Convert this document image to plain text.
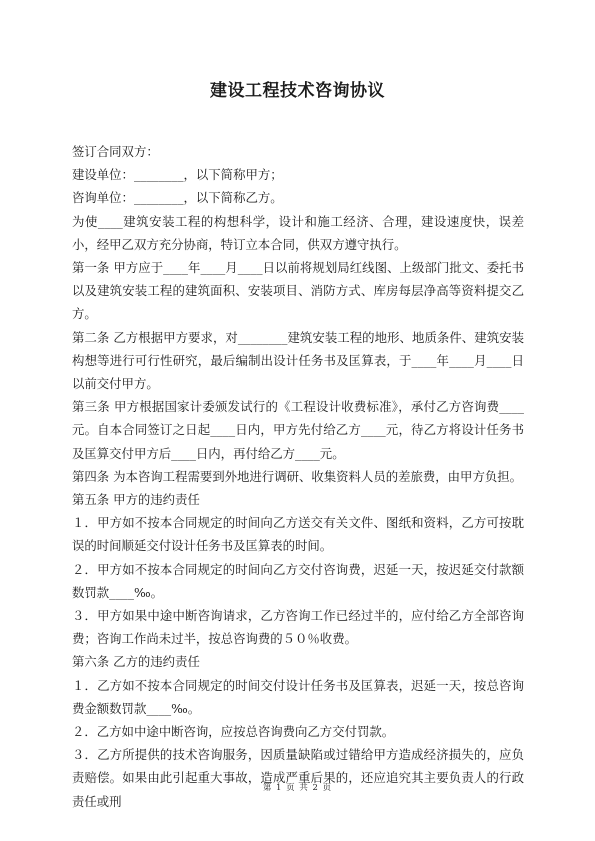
建设工程技术咨询协议

签订合同双方：

建设单位：________，以下简称甲方；

咨询单位：________，以下简称乙方。

为使____建筑安装工程的构想科学，设计和施工经济、合理，建设速度快，误差小，经甲乙双方充分协商，特订立本合同，供双方遵守执行。

第一条 甲方应于____年____月____日以前将规划局红线图、上级部门批文、委托书以及建筑安装工程的建筑面积、安装项目、消防方式、库房每层净高等资料提交乙方。

第二条 乙方根据甲方要求，对________建筑安装工程的地形、地质条件、建筑安装构想等进行可行性研究，最后编制出设计任务书及匡算表，于____年____月____日以前交付甲方。

第三条 甲方根据国家计委颁发试行的《工程设计收费标准》，承付乙方咨询费____元。自本合同签订之日起____日内，甲方先付给乙方____元，待乙方将设计任务书及匡算交付甲方后____日内，再付给乙方____元。

第四条 为本咨询工程需要到外地进行调研、收集资料人员的差旅费，由甲方负担。

第五条 甲方的违约责任

１．甲方如不按本合同规定的时间向乙方送交有关文件、图纸和资料，乙方可按耽误的时间顺延交付设计任务书及匡算表的时间。

２．甲方如不按本合同规定的时间向乙方交付咨询费，迟延一天，按迟延交付款额数罚款____‰。

３．甲方如果中途中断咨询请求，乙方咨询工作已经过半的，应付给乙方全部咨询费；咨询工作尚未过半，按总咨询费的５０％收费。

第六条 乙方的违约责任

１．乙方如不按本合同规定的时间交付设计任务书及匡算表，迟延一天，按总咨询费金额数罚款____‰。

２．乙方如中途中断咨询，应按总咨询费向乙方交付罚款。

３．乙方所提供的技术咨询服务，因质量缺陷或过错给甲方造成经济损失的，应负责赔偿。如果由此引起重大事故，造成严重后果的，还应追究其主要负责人的行政责任或刑

第 1 页 共 2 页
